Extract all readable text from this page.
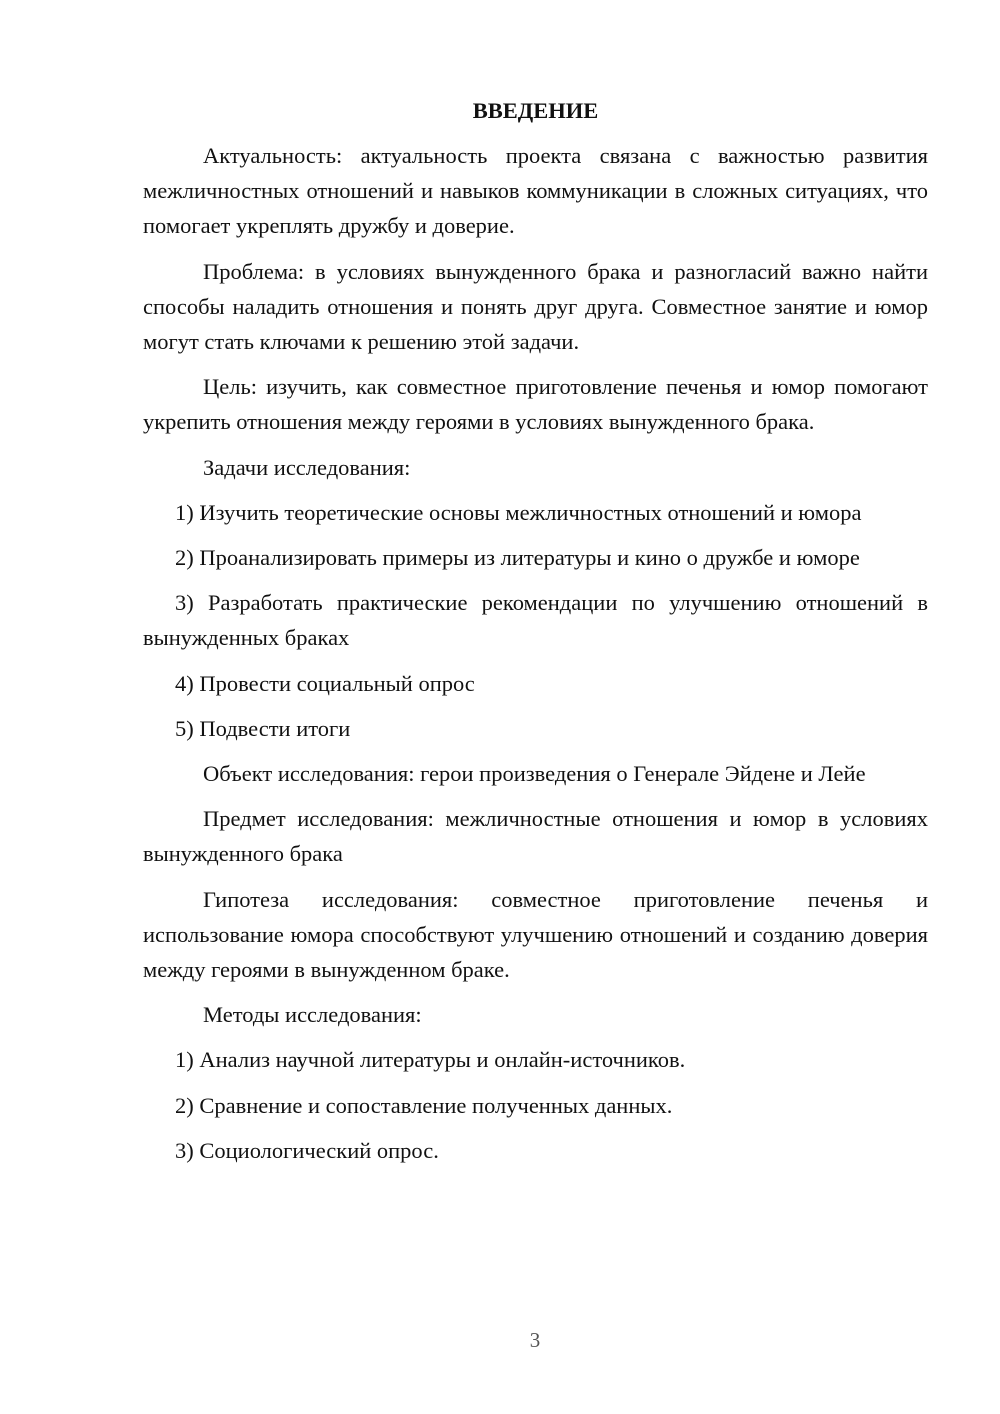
ВВЕДЕНИЕ
Актуальность: актуальность проекта связана с важностью развития межличностных отношений и навыков коммуникации в сложных ситуациях, что помогает укреплять дружбу и доверие.
Проблема: в условиях вынужденного брака и разногласий важно найти способы наладить отношения и понять друг друга. Совместное занятие и юмор могут стать ключами к решению этой задачи.
Цель: изучить, как совместное приготовление печенья и юмор помогают укрепить отношения между героями в условиях вынужденного брака.
Задачи исследования:
1) Изучить теоретические основы межличностных отношений и юмора
2) Проанализировать примеры из литературы и кино о дружбе и юморе
3) Разработать практические рекомендации по улучшению отношений в вынужденных браках
4) Провести социальный опрос
5) Подвести итоги
Объект исследования: герои произведения о Генерале Эйдене и Лейе
Предмет исследования: межличностные отношения и юмор в условиях вынужденного брака
Гипотеза исследования: совместное приготовление печенья и использование юмора способствуют улучшению отношений и созданию доверия между героями в вынужденном браке.
Методы исследования:
1) Анализ научной литературы и онлайн-источников.
2) Сравнение и сопоставление полученных данных.
3) Социологический опрос.
3
